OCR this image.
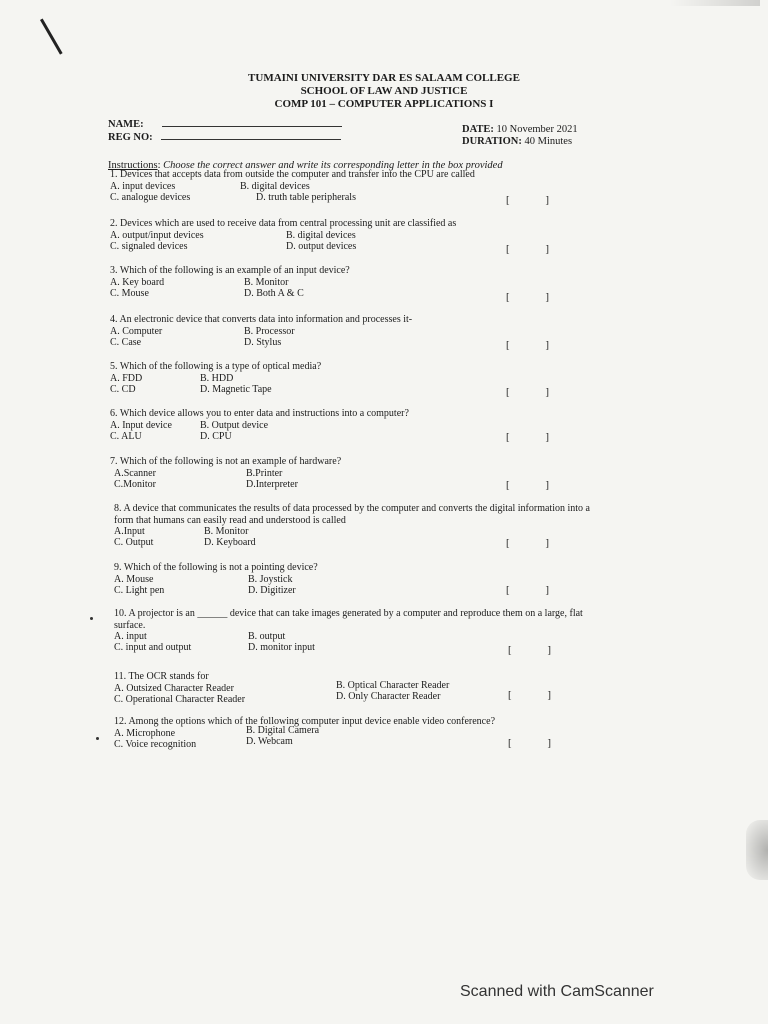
TUMAINI UNIVERSITY DAR ES SALAAM COLLEGE
SCHOOL OF LAW AND JUSTICE
COMP 101 – COMPUTER APPLICATIONS I
NAME:
REG NO:
DATE: 10 November 2021
DURATION: 40 Minutes
Instructions: Choose the correct answer and write its corresponding letter in the box provided
1. Devices that accepts data from outside the computer and transfer into the CPU are called
A. input devices	B. digital devices
C. analogue devices	D. truth table peripherals	[	]
2. Devices which are used to receive data from central processing unit are classified as
A. output/input devices	B. digital devices
C. signaled devices	D. output devices	[	]
3. Which of the following is an example of an input device?
A. Key board	B. Monitor
C. Mouse	D. Both A & C	[	]
4. An electronic device that converts data into information and processes it-
A. Computer	B. Processor
C. Case	D. Stylus	[	]
5. Which of the following is a type of optical media?
A. FDD	B. HDD
C. CD	D. Magnetic Tape	[	]
6. Which device allows you to enter data and instructions into a computer?
A. Input device	B. Output device
C. ALU	D. CPU	[	]
7. Which of the following is not an example of hardware?
A.Scanner	B.Printer
C.Monitor	D.Interpreter	[	]
8. A device that communicates the results of data processed by the computer and converts the digital information into a form that humans can easily read and understood is called
A.Input	B. Monitor
C. Output	D. Keyboard	[	]
9. Which of the following is not a pointing device?
A. Mouse	B. Joystick
C. Light pen	D. Digitizer	[	]
10. A projector is an ______ device that can take images generated by a computer and reproduce them on a large, flat surface.
A. input	B. output
C. input and output	D. monitor input	[	]
11. The OCR stands for
A. Outsized Character Reader	B. Optical Character Reader
C. Operational Character Reader	D. Only Character Reader	[	]
12. Among the options which of the following computer input device enable video conference?
A. Microphone	B. Digital Camera
C. Voice recognition	D. Webcam	[	]
Scanned with CamScanner
